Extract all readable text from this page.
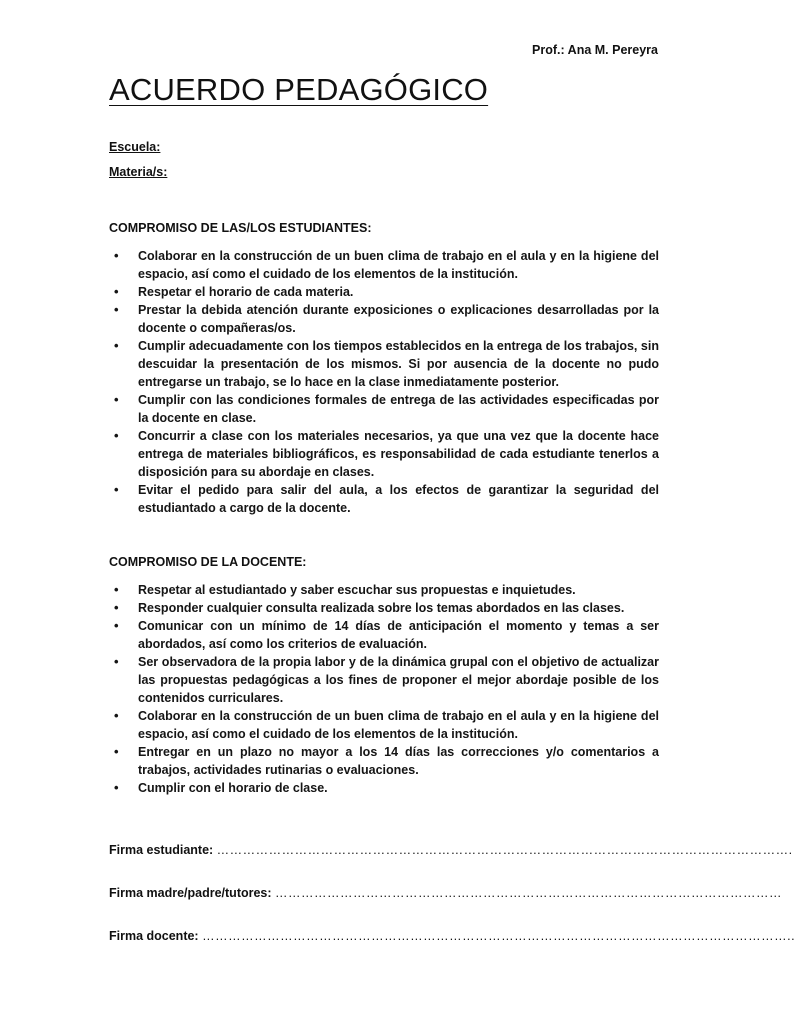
Prof.: Ana M. Pereyra
ACUERDO PEDAGÓGICO
Escuela:
Materia/s:
COMPROMISO DE LAS/LOS ESTUDIANTES:
• Colaborar en la construcción de un buen clima de trabajo en el aula y en la higiene del espacio, así como el cuidado de los elementos de la institución.
• Respetar el horario de cada materia.
• Prestar la debida atención durante exposiciones o explicaciones desarrolladas por la docente o compañeras/os.
• Cumplir adecuadamente con los tiempos establecidos en la entrega de los trabajos, sin descuidar la presentación de los mismos. Si por ausencia de la docente no pudo entregarse un trabajo, se lo hace en la clase inmediatamente posterior.
• Cumplir con las condiciones formales de entrega de las actividades especificadas por la docente en clase.
• Concurrir a clase con los materiales necesarios, ya que una vez que la docente hace entrega de materiales bibliográficos, es responsabilidad de cada estudiante tenerlos a disposición para su abordaje en clases.
• Evitar el pedido para salir del aula, a los efectos de garantizar la seguridad del estudiantado a cargo de la docente.
COMPROMISO DE LA DOCENTE:
• Respetar al estudiantado y saber escuchar sus propuestas e inquietudes.
• Responder cualquier consulta realizada sobre los temas abordados en las clases.
• Comunicar con un mínimo de 14 días de anticipación el momento y temas a ser abordados, así como los criterios de evaluación.
• Ser observadora de la propia labor y de la dinámica grupal con el objetivo de actualizar las propuestas pedagógicas a los fines de proponer el mejor abordaje posible de los contenidos curriculares.
• Colaborar en la construcción de un buen clima de trabajo en el aula y en la higiene del espacio, así como el cuidado de los elementos de la institución.
• Entregar en un plazo no mayor a los 14 días las correcciones y/o comentarios a trabajos, actividades rutinarias o evaluaciones.
• Cumplir con el horario de clase.
Firma estudiante: …………………………………………………………………………………………………………………….
Firma madre/padre/tutores: ………………………………………………………………………………………………………
Firma docente: ………………………………………………………………………………………………………………………..
